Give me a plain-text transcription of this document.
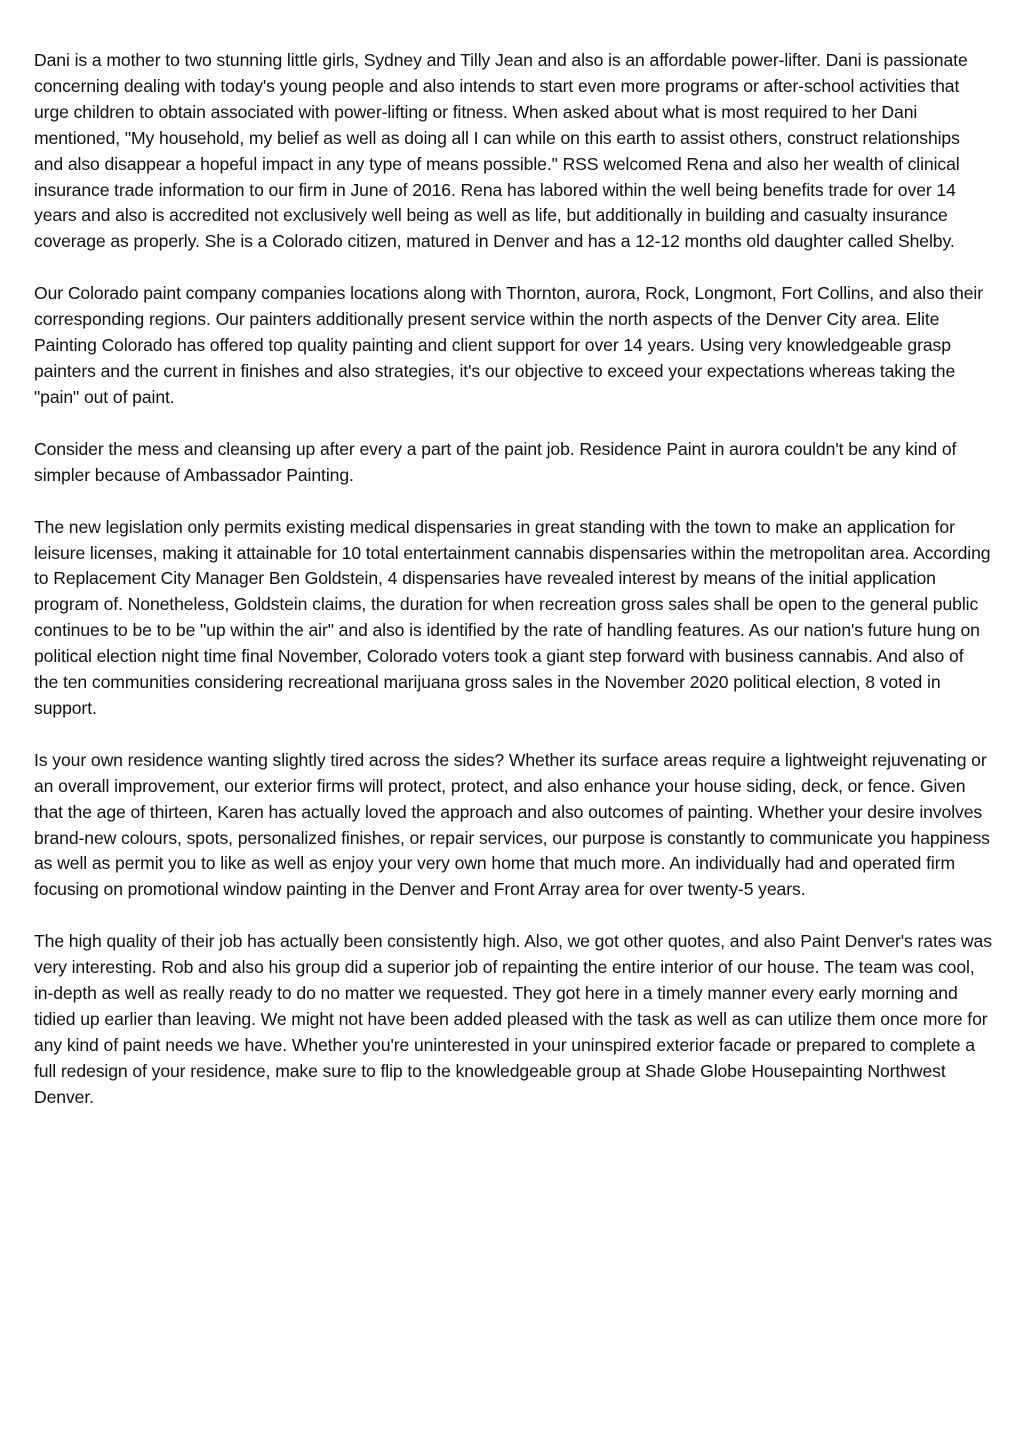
Dani is a mother to two stunning little girls, Sydney and Tilly Jean and also is an affordable power-lifter. Dani is passionate concerning dealing with today's young people and also intends to start even more programs or after-school activities that urge children to obtain associated with power-lifting or fitness. When asked about what is most required to her Dani mentioned, "My household, my belief as well as doing all I can while on this earth to assist others, construct relationships and also disappear a hopeful impact in any type of means possible." RSS welcomed Rena and also her wealth of clinical insurance trade information to our firm in June of 2016. Rena has labored within the well being benefits trade for over 14 years and also is accredited not exclusively well being as well as life, but additionally in building and casualty insurance coverage as properly. She is a Colorado citizen, matured in Denver and has a 12-12 months old daughter called Shelby.

Our Colorado paint company companies locations along with Thornton, aurora, Rock, Longmont, Fort Collins, and also their corresponding regions. Our painters additionally present service within the north aspects of the Denver City area. Elite Painting Colorado has offered top quality painting and client support for over 14 years. Using very knowledgeable grasp painters and the current in finishes and also strategies, it's our objective to exceed your expectations whereas taking the "pain" out of paint.

Consider the mess and cleansing up after every a part of the paint job. Residence Paint in aurora couldn't be any kind of simpler because of Ambassador Painting.

The new legislation only permits existing medical dispensaries in great standing with the town to make an application for leisure licenses, making it attainable for 10 total entertainment cannabis dispensaries within the metropolitan area. According to Replacement City Manager Ben Goldstein, 4 dispensaries have revealed interest by means of the initial application program of. Nonetheless, Goldstein claims, the duration for when recreation gross sales shall be open to the general public continues to be to be "up within the air" and also is identified by the rate of handling features. As our nation's future hung on political election night time final November, Colorado voters took a giant step forward with business cannabis. And also of the ten communities considering recreational marijuana gross sales in the November 2020 political election, 8 voted in support.

Is your own residence wanting slightly tired across the sides? Whether its surface areas require a lightweight rejuvenating or an overall improvement, our exterior firms will protect, protect, and also enhance your house siding, deck, or fence. Given that the age of thirteen, Karen has actually loved the approach and also outcomes of painting. Whether your desire involves brand-new colours, spots, personalized finishes, or repair services, our purpose is constantly to communicate you happiness as well as permit you to like as well as enjoy your very own home that much more. An individually had and operated firm focusing on promotional window painting in the Denver and Front Array area for over twenty-5 years.

The high quality of their job has actually been consistently high. Also, we got other quotes, and also Paint Denver's rates was very interesting. Rob and also his group did a superior job of repainting the entire interior of our house. The team was cool, in-depth as well as really ready to do no matter we requested. They got here in a timely manner every early morning and tidied up earlier than leaving. We might not have been added pleased with the task as well as can utilize them once more for any kind of paint needs we have. Whether you're uninterested in your uninspired exterior facade or prepared to complete a full redesign of your residence, make sure to flip to the knowledgeable group at Shade Globe Housepainting Northwest Denver.
